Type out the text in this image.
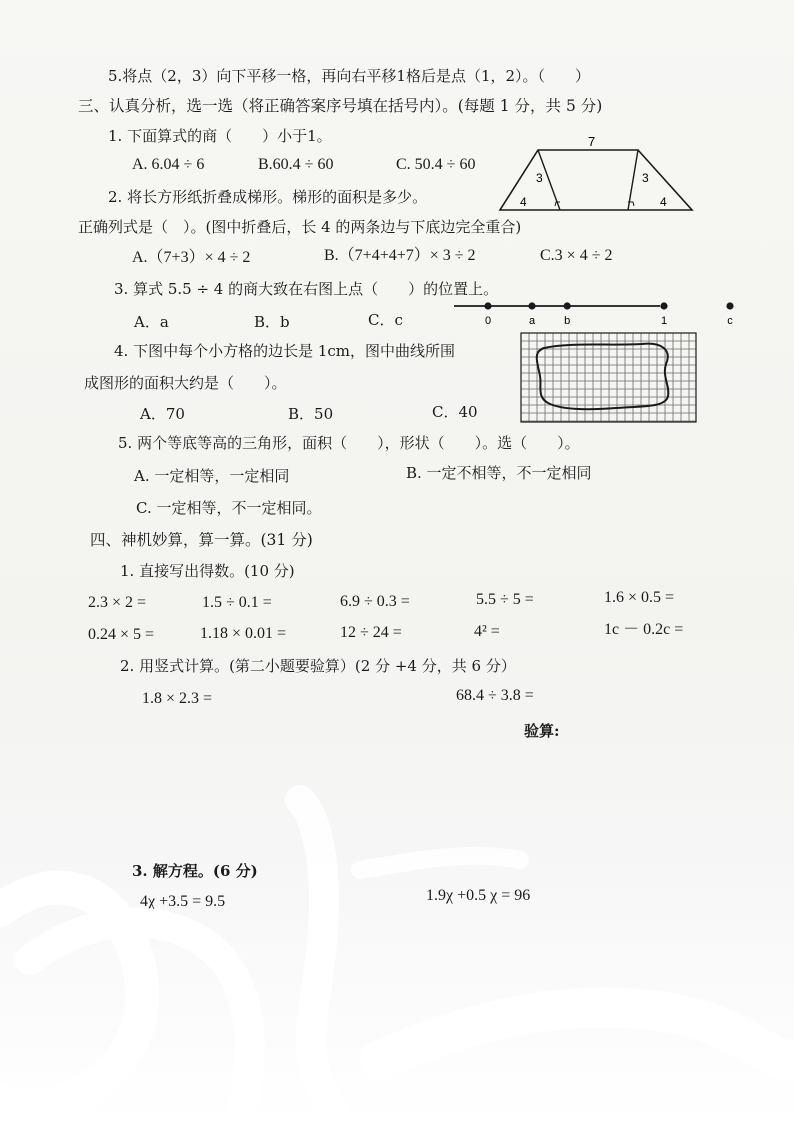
5.将点（2，3）向下平移一格，再向右平移1格后是点（1，2）。（　　）
三、认真分析，选一选（将正确答案序号填在括号内）。(每题 1 分，共 5 分)
1. 下面算式的商（　　）小于1。
A. 6.04 ÷ 6	B.60.4 ÷ 60	C. 50.4 ÷ 60
7
3
4
3
4
2. 将长方形纸折叠成梯形。梯形的面积是多少。
正确列式是（　）。(图中折叠后，长 4 的两条边与下底边完全重合)
A.（7+3）× 4 ÷ 2	B.（7+4+4+7）× 3 ÷ 2	C.3 × 4 ÷ 2
3. 算式 5.5 ÷ 4 的商大致在右图上点（　　）的位置上。
A．a	B．b	C．c	0	a	b	1	c
4. 下图中每个小方格的边长是 1cm，图中曲线所围
成图形的面积大约是（　　）。
A．70	B．50	C．40
5. 两个等底等高的三角形，面积（　　），形状（　　）。选（　　）。
A. 一定相等，一定相同	B. 一定不相等，不一定相同
C. 一定相等，不一定相同。
四、神机妙算，算一算。(31 分)
1. 直接写出得数。(10 分)
2.3 × 2 =	1.5 ÷ 0.1 =	6.9 ÷ 0.3 =	5.5 ÷ 5 =	1.6 × 0.5 =
0.24 × 5 =	1.18 × 0.01 =	12 ÷ 24 =	4² =	1c － 0.2c =
2. 用竖式计算。(第二小题要验算）(2 分 +4 分，共 6 分）
1.8 × 2.3 =	68.4 ÷ 3.8 =
验算:
3. 解方程。(6 分)
4χ +3.5 = 9.5	1.9χ +0.5 χ = 96
